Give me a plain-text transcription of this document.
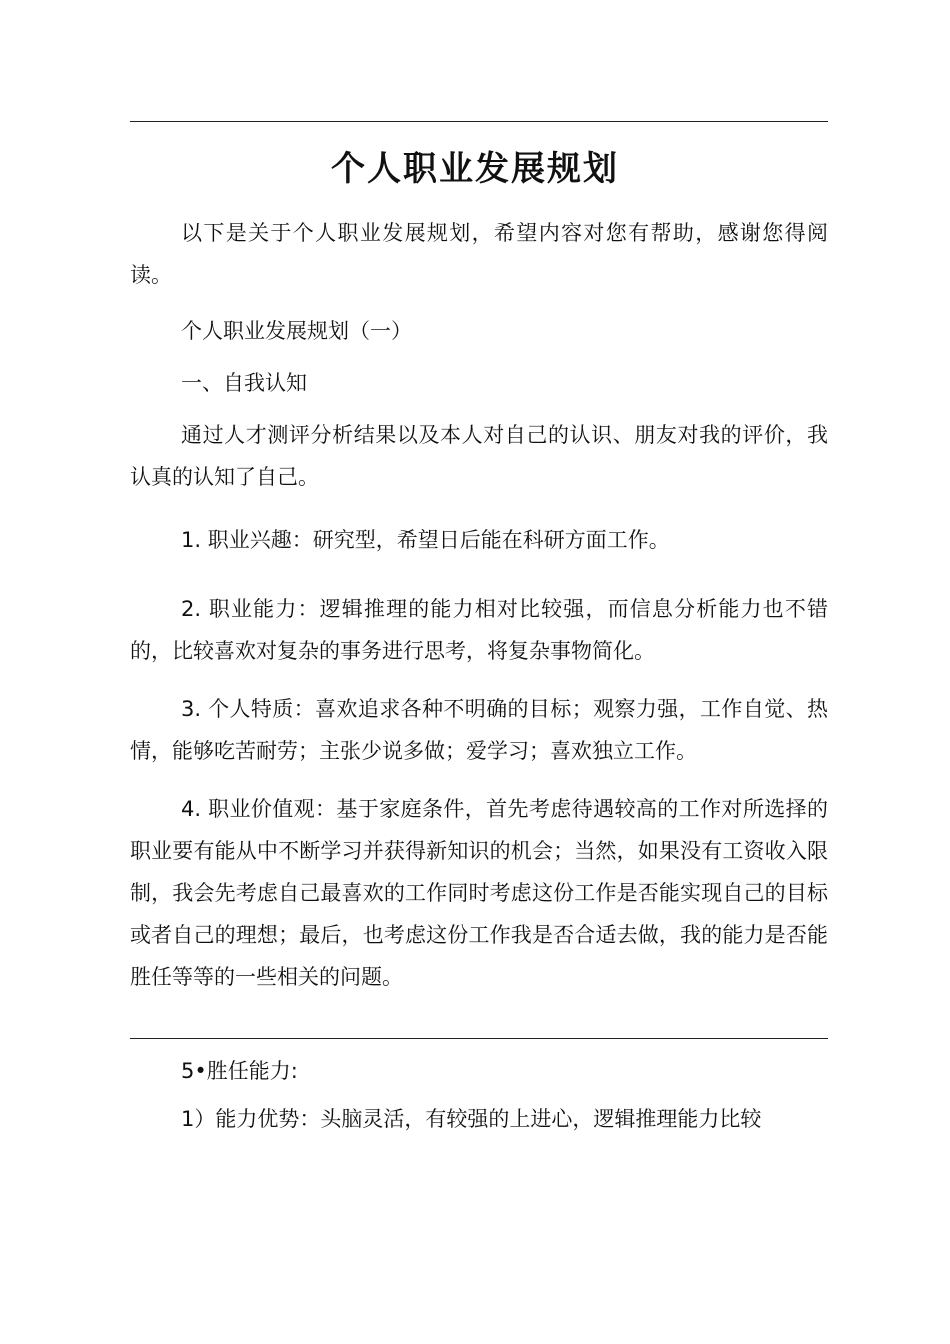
个人职业发展规划

以下是关于个人职业发展规划，希望内容对您有帮助，感谢您得阅读。

个人职业发展规划（一）

一、自我认知

通过人才测评分析结果以及本人对自己的认识、朋友对我的评价，我认真的认知了自己。

1. 职业兴趣：研究型，希望日后能在科研方面工作。

2. 职业能力：逻辑推理的能力相对比较强，而信息分析能力也不错的，比较喜欢对复杂的事务进行思考，将复杂事物简化。

3. 个人特质：喜欢追求各种不明确的目标；观察力强，工作自觉、热情，能够吃苦耐劳；主张少说多做；爱学习；喜欢独立工作。

4. 职业价值观：基于家庭条件，首先考虑待遇较高的工作对所选择的职业要有能从中不断学习并获得新知识的机会；当然，如果没有工资收入限制，我会先考虑自己最喜欢的工作同时考虑这份工作是否能实现自己的目标或者自己的理想；最后，也考虑这份工作我是否合适去做，我的能力是否能胜任等等的一些相关的问题。

5•胜任能力:

1）能力优势：头脑灵活，有较强的上进心，逻辑推理能力比较
